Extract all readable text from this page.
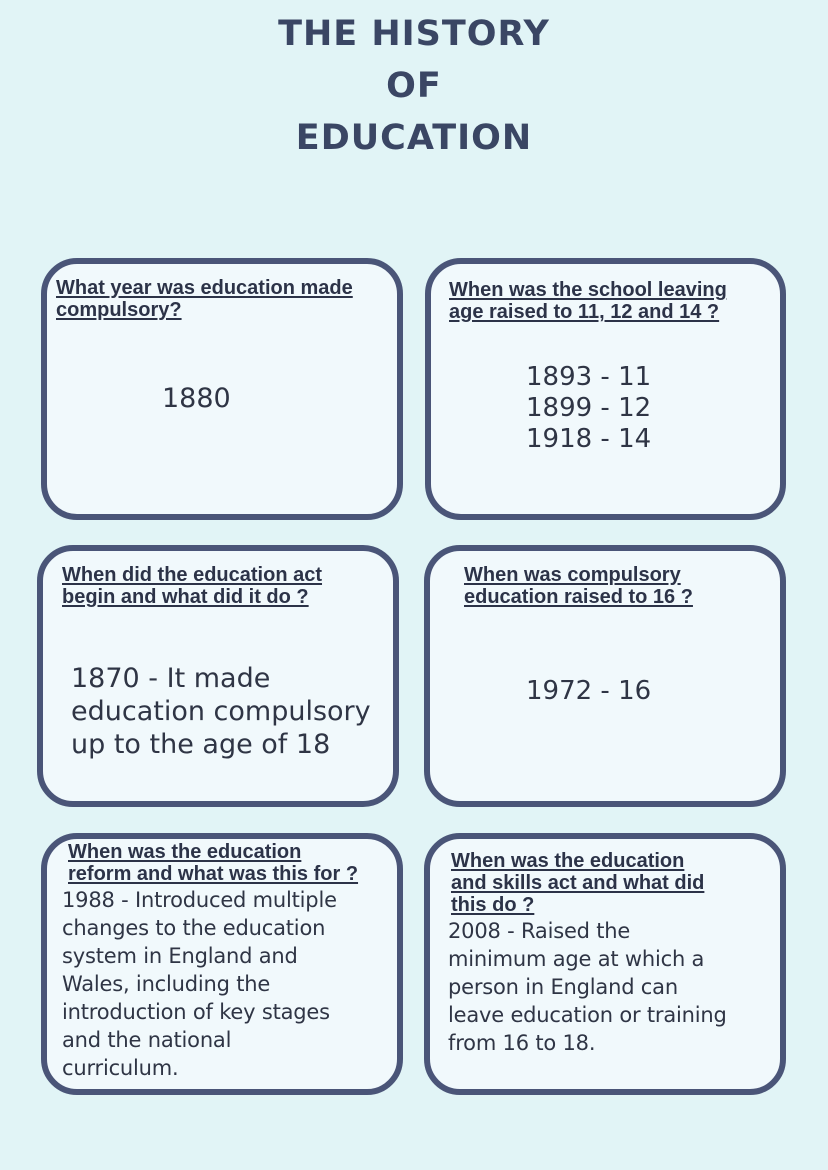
THE HISTORY
OF
EDUCATION
What year was education made
compulsory?
1880
When was the school leaving
age raised to 11, 12 and 14 ?
1893 - 11
1899 - 12
1918 - 14
When did the education act
begin and what did it do ?
1870 - It made
education compulsory
up to the age of 18
When was compulsory
education raised to 16 ?
1972 - 16
When was the education
reform and what was this for ?
1988 - Introduced multiple
changes to the education
system in England and
Wales, including the
introduction of key stages
and the national
curriculum.
When was the education
and skills act and what did
this do ?
2008 - Raised the
minimum age at which a
person in England can
leave education or training
from 16 to 18.
